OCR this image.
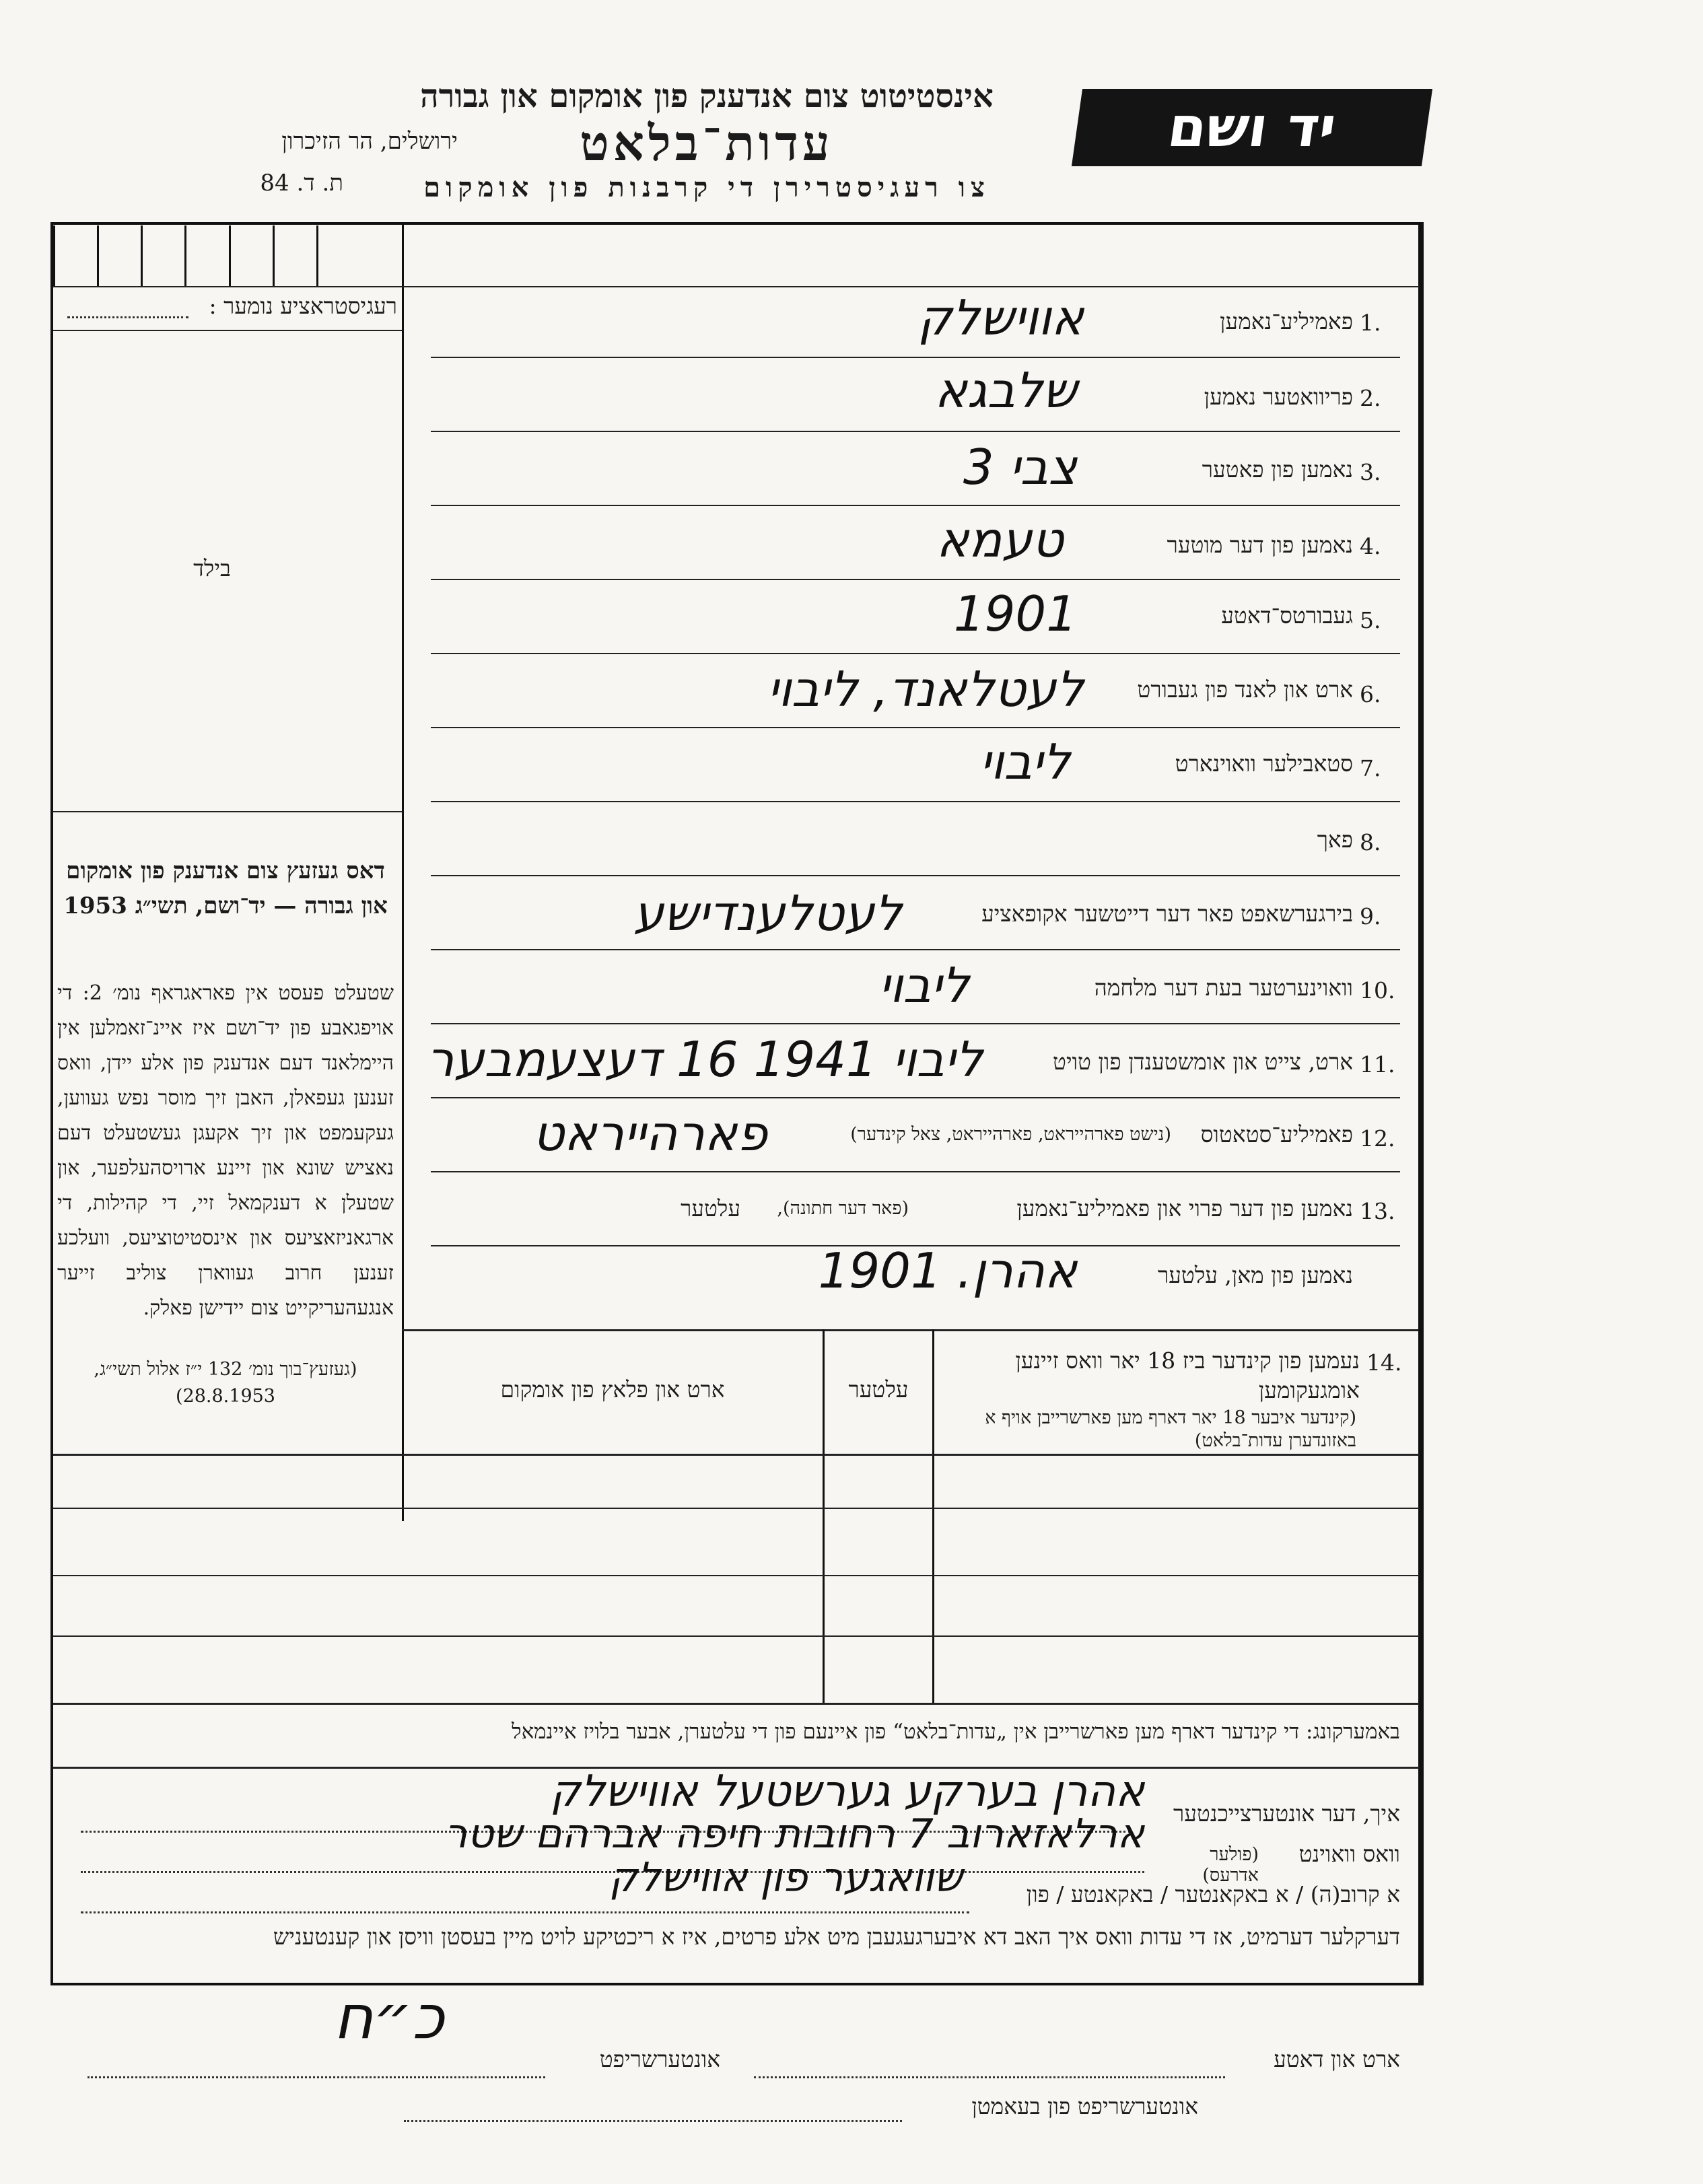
יד ושם
אינסטיטוט צום אנדענק פון אומקום און גבורה
עדות־בלאט
צו רעגיסטרירן די קרבנות פון אומקום
ירושלים, הר הזיכרון
ת. ד. 84
רעגיסטראציע נומער :
בילד
דאס געזעץ צום אנדענק פון אומקום און גבורה — יד־ושם, תשי״ג 1953
שטעלט פעסט אין פאראגראף נומ׳ 2: די אויפגאבע פון יד־ושם איז איינ־זאמלען אין היימלאנד דעם אנדענק פון אלע יידן, וואס זענען געפאלן, האבן זיך מוסר נפש געווען, געקעמפט און זיך אקעגן געשטעלט דעם נאציש שונא און זיינע ארויסהעלפער, און שטעלן א דענקמאל זיי, די קהילות, די ארגאניזאציעס און אינסטיטוציעס, וועלכע זענען חרוב געווארן צוליב זייער אנגעהעריקייט צום יידישן פאלק.
(געזעץ־בוך נומ׳ 132 י״ז אלול תשי״ג, 28.8.1953)
1.
פאמיליע־נאמען
אווישלק
2.
פריוואטער נאמען
שלבגא
3.
נאמען פון פאטער
צבי 3
4.
נאמען פון דער מוטער
טעמא
5.
געבורטס־דאטע
1901
6.
ארט און לאנד פון געבורט
לעטלאנד, ליבוי
7.
סטאבילער וואוינארט
ליבוי
8.
פאך
9.
בירגערשאפט פאר דער דייטשער אקופאציע
לעטלענדישע
10.
וואוינערטער בעת דער מלחמה
ליבוי
11.
ארט, צייט און אומשטענדן פון טויט
ליבוי 1941 16 דעצעמבער
12.
פאמיליע־סטאטוס
(נישט פארהייראט, פארהייראט, צאל קינדער)
פארהייראט
13.
נאמען פון דער פרוי און פאמיליע־נאמען
(פאר דער חתונה),
עלטער
נאמען פון מאן, עלטער
אהרן. 1901
14.
נעמען פון קינדער ביז 18 יאר וואס זיינען אומגעקומען
(קינדער איבער 18 יאר דארף מען פארשרייבן אויף א באזונדערן עדות־בלאט)
עלטער
ארט און פלאץ פון אומקום
באמערקונג: די קינדער דארף מען פארשרייבן אין „עדות־בלאט“ פון איינעם פון די עלטערן, אבער בלויז איינמאל
איך, דער אונטערצייכנטער
אהרן בערקע גערשטעל אווישלק
וואס וואוינט
(פולער אדרעס)
ארלאזארוב 7 רחובות חיפה אברהם שטר
א קרוב(ה) / א באקאנטער / באקאנטע / פון
שוואגער פון אווישלק
דערקלער דערמיט, אז די עדות וואס איך האב דא איבערגעגעבן מיט אלע פרטים, איז א ריכטיקע לויט מיין בעסטן וויסן און קענטעניש
ארט און דאטע
אונטערשריפט
כ״ח
אונטערשריפט פון בעאמטן
